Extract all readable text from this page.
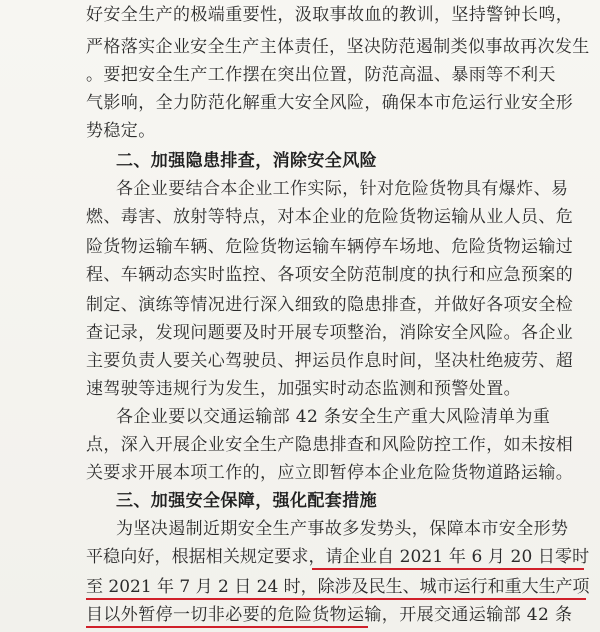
好安全生产的极端重要性，汲取事故血的教训，坚持警钟长鸣，
严格落实企业安全生产主体责任，坚决防范遏制类似事故再次发生
。要把安全生产工作摆在突出位置，防范高温、暴雨等不利天
气影响，全力防范化解重大安全风险，确保本市危运行业安全形
势稳定。
二、加强隐患排查，消除安全风险
各企业要结合本企业工作实际，针对危险货物具有爆炸、易
燃、毒害、放射等特点，对本企业的危险货物运输从业人员、危
险货物运输车辆、危险货物运输车辆停车场地、危险货物运输过
程、车辆动态实时监控、各项安全防范制度的执行和应急预案的
制定、演练等情况进行深入细致的隐患排查，并做好各项安全检
查记录，发现问题要及时开展专项整治，消除安全风险。各企业
主要负责人要关心驾驶员、押运员作息时间，坚决杜绝疲劳、超
速驾驶等违规行为发生，加强实时动态监测和预警处置。
各企业要以交通运输部 42 条安全生产重大风险清单为重
点，深入开展企业安全生产隐患排查和风险防控工作，如未按相
关要求开展本项工作的，应立即暂停本企业危险货物道路运输。
三、加强安全保障，强化配套措施
为坚决遏制近期安全生产事故多发势头，保障本市安全形势
平稳向好，根据相关规定要求，请企业自 2021 年 6 月 20 日零时
至 2021 年 7 月 2 日 24 时，除涉及民生、城市运行和重大生产项
目以外暂停一切非必要的危险货物运输，开展交通运输部 42 条
